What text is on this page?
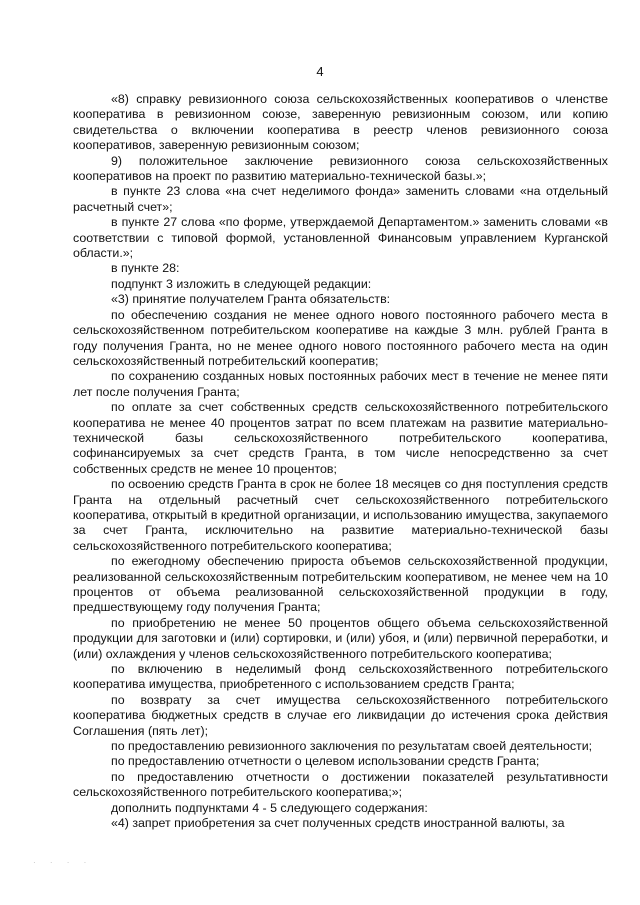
4

«8) справку ревизионного союза сельскохозяйственных кооперативов о членстве кооператива в ревизионном союзе, заверенную ревизионным союзом, или копию свидетельства о включении кооператива в реестр членов ревизионного союза кооперативов, заверенную ревизионным союзом;

9) положительное заключение ревизионного союза сельскохозяйственных кооперативов на проект по развитию материально-технической базы.»;

в пункте 23 слова «на счет неделимого фонда» заменить словами «на отдельный расчетный счет»;

в пункте 27 слова «по форме, утверждаемой Департаментом.» заменить словами «в соответствии с типовой формой, установленной Финансовым управлением Курганской области.»;

в пункте 28:

подпункт 3 изложить в следующей редакции:

«3) принятие получателем Гранта обязательств:

по обеспечению создания не менее одного нового постоянного рабочего места в сельскохозяйственном потребительском кооперативе на каждые 3 млн. рублей Гранта в году получения Гранта, но не менее одного нового постоянного рабочего места на один сельскохозяйственный потребительский кооператив;

по сохранению созданных новых постоянных рабочих мест в течение не менее пяти лет после получения Гранта;

по оплате за счет собственных средств сельскохозяйственного потребительского кооператива не менее 40 процентов затрат по всем платежам на развитие материально-технической базы сельскохозяйственного потребительского кооператива, софинансируемых за счет средств Гранта, в том числе непосредственно за счет собственных средств не менее 10 процентов;

по освоению средств Гранта в срок не более 18 месяцев со дня поступления средств Гранта на отдельный расчетный счет сельскохозяйственного потребительского кооператива, открытый в кредитной организации, и использованию имущества, закупаемого за счет Гранта, исключительно на развитие материально-технической базы сельскохозяйственного потребительского кооператива;

по ежегодному обеспечению прироста объемов сельскохозяйственной продукции, реализованной сельскохозяйственным потребительским кооперативом, не менее чем на 10 процентов от объема реализованной сельскохозяйственной продукции в году, предшествующему году получения Гранта;

по приобретению не менее 50 процентов общего объема сельскохозяйственной продукции для заготовки и (или) сортировки, и (или) убоя, и (или) первичной переработки, и (или) охлаждения у членов сельскохозяйственного потребительского кооператива;

по включению в неделимый фонд сельскохозяйственного потребительского кооператива имущества, приобретенного с использованием средств Гранта;

по возврату за счет имущества сельскохозяйственного потребительского кооператива бюджетных средств в случае его ликвидации до истечения срока действия Соглашения (пять лет);

по предоставлению ревизионного заключения по результатам своей деятельности;

по предоставлению отчетности о целевом использовании средств Гранта;

по предоставлению отчетности о достижении показателей результативности сельскохозяйственного потребительского кооператива;»;

дополнить подпунктами 4 - 5 следующего содержания:

«4) запрет приобретения за счет полученных средств иностранной валюты, за

· · · ·
